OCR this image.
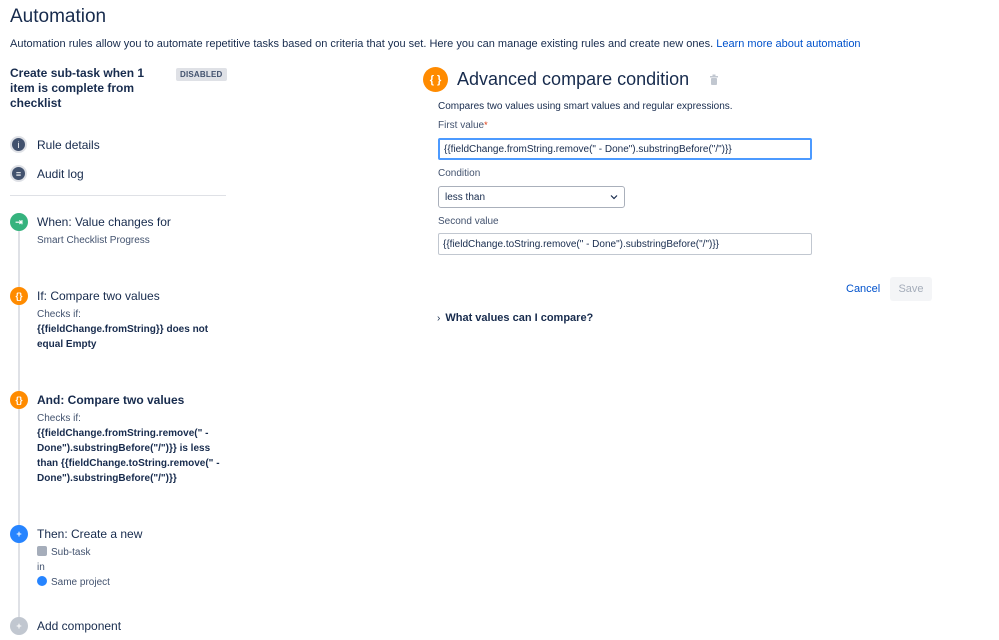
Automation
Automation rules allow you to automate repetitive tasks based on criteria that you set. Here you can manage existing rules and create new ones. Learn more about automation
Create sub-task when 1 item is complete from checklist
DISABLED
i	Rule details
≡	Audit log
⇥	When: Value changes for
Smart Checklist Progress
{}	If: Compare two values
Checks if:
{{fieldChange.fromString}} does not equal Empty
{}	And: Compare two values
Checks if:
{{fieldChange.fromString.remove(" - Done").substringBefore("/")}} is less than {{fieldChange.toString.remove(" - Done").substringBefore("/")}}
+	Then: Create a new
Sub-task
in
Same project
+	Add component
{ } Advanced compare condition
Compares two values using smart values and regular expressions.
First value*
{{fieldChange.fromString.remove(" - Done").substringBefore("/")}}
Condition
less than
Second value
{{fieldChange.toString.remove(" - Done").substringBefore("/")}}
Cancel	Save
› What values can I compare?
